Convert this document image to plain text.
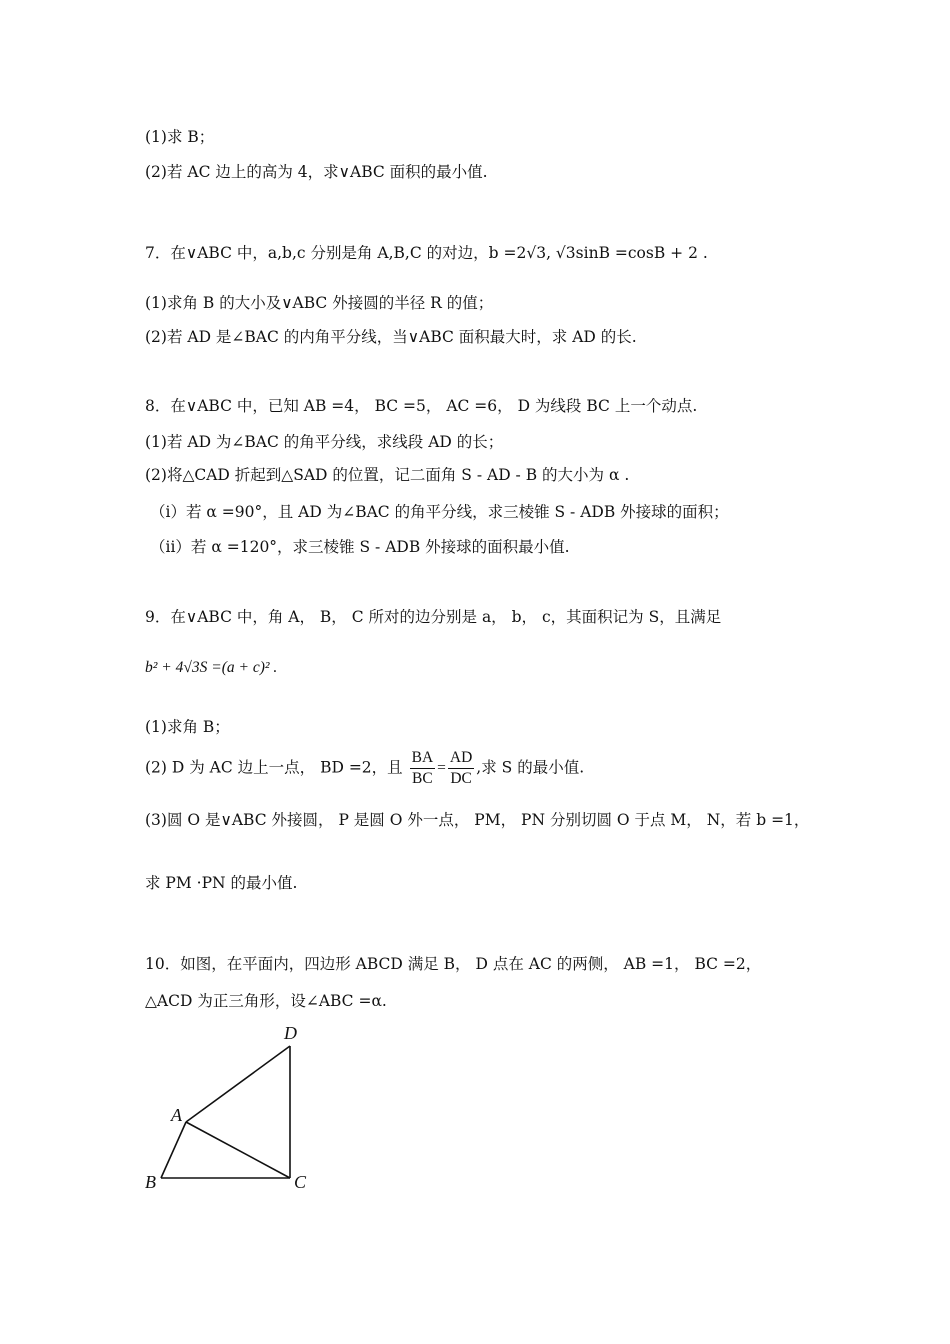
(1)求 B；
(2)若 AC 边上的高为 4，求∨ABC 面积的最小值.
7．在∨ABC 中，a,b,c 分别是角 A,B,C 的对边，b =2√3, √3sinB =cosB + 2 .
(1)求角 B 的大小及∨ABC 外接圆的半径 R 的值；
(2)若 AD 是∠BAC 的内角平分线，当∨ABC 面积最大时，求 AD 的长.
8．在∨ABC 中，已知 AB =4， BC =5， AC =6， D 为线段 BC 上一个动点.
(1)若 AD 为∠BAC 的角平分线，求线段 AD 的长；
(2)将△CAD 折起到△SAD 的位置，记二面角 S - AD - B 的大小为 α .
（i）若 α =90°，且 AD 为∠BAC 的角平分线，求三棱锥 S - ADB 外接球的面积；
（ii）若 α =120°，求三棱锥 S - ADB 外接球的面积最小值.
9．在∨ABC 中，角 A， B， C 所对的边分别是 a， b， c，其面积记为 S，且满足
b² + 4√3S =(a + c)² .
(1)求角 B；
(2) D 为 AC 边上一点， BD =2，且 $\frac{BA}{BC} = \frac{AD}{DC}$ ,求 S 的最小值.
(3)圆 O 是∨ABC 外接圆， P 是圆 O 外一点， PM， PN 分别切圆 O 于点 M， N，若 b =1，
求 PM ·PN 的最小值.
10．如图，在平面内，四边形 ABCD 满足 B， D 点在 AC 的两侧， AB =1， BC =2，
△ACD 为正三角形，设∠ABC =α.
D
A
B	C
